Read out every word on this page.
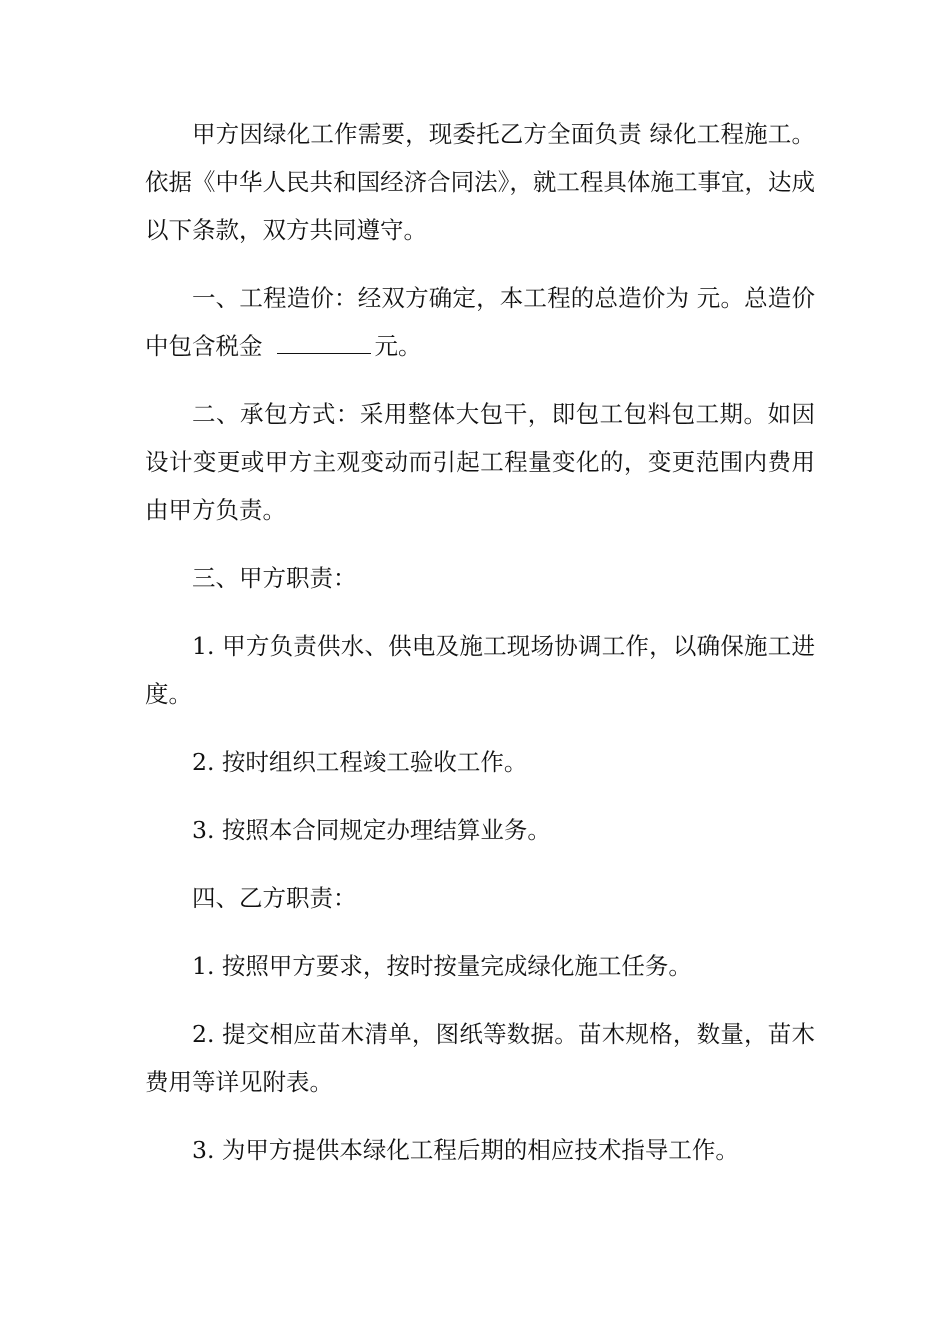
甲方因绿化工作需要，现委托乙方全面负责 绿化工程施工。依据《中华人民共和国经济合同法》，就工程具体施工事宜，达成以下条款，双方共同遵守。

一、工程造价：经双方确定，本工程的总造价为 元。总造价中包含税金	元。

二、承包方式：采用整体大包干，即包工包料包工期。如因设计变更或甲方主观变动而引起工程量变化的，变更范围内费用由甲方负责。

三、甲方职责：

1. 甲方负责供水、供电及施工现场协调工作，以确保施工进度。

2. 按时组织工程竣工验收工作。

3. 按照本合同规定办理结算业务。

四、乙方职责：

1. 按照甲方要求，按时按量完成绿化施工任务。

2. 提交相应苗木清单，图纸等数据。苗木规格，数量，苗木费用等详见附表。

3. 为甲方提供本绿化工程后期的相应技术指导工作。
